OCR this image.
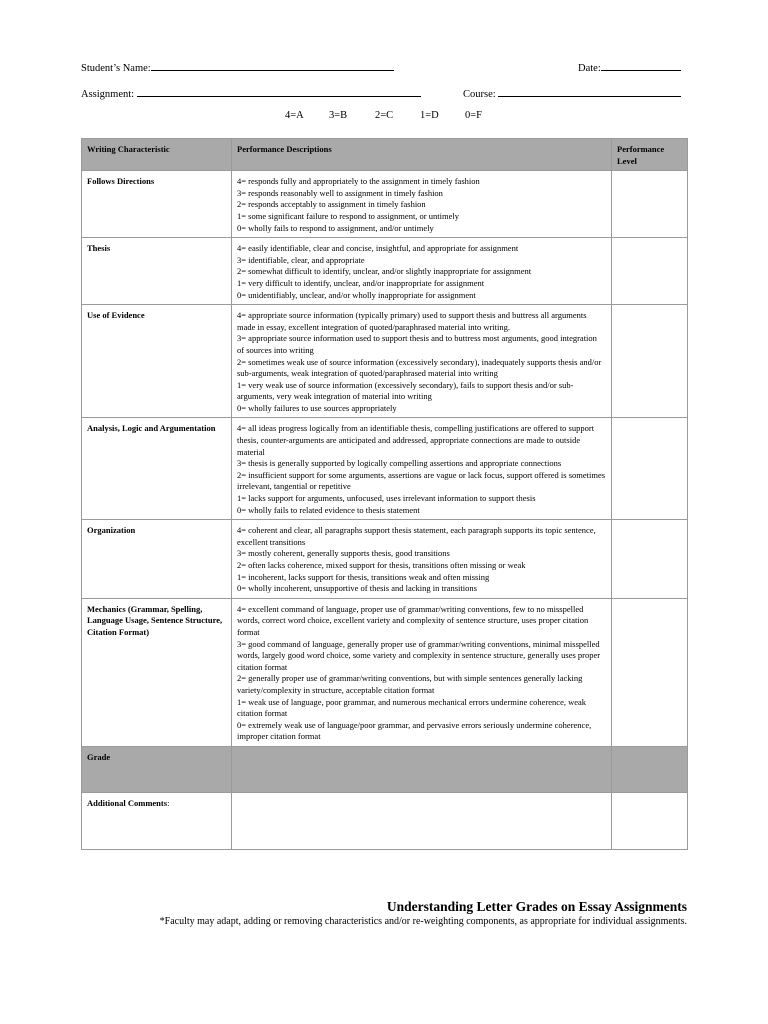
Student’s Name:	Date:
Assignment:	Course:
4=A 3=B	2=C	1=D 0=F
Writing Characteristic	Performance Descriptions	Performance Level
Follows Directions	4= responds fully and appropriately to the assignment in timely fashion
3= responds reasonably well to assignment in timely fashion
2= responds acceptably to assignment in timely fashion
1= some significant failure to respond to assignment, or untimely
0= wholly fails to respond to assignment, and/or untimely	

Thesis	4= easily identifiable, clear and concise, insightful, and appropriate for assignment
3= identifiable, clear, and appropriate
2= somewhat difficult to identify, unclear, and/or slightly inappropriate for assignment
1= very difficult to identify, unclear, and/or inappropriate for assignment
0= unidentifiably, unclear, and/or wholly inappropriate for assignment	

Use of Evidence	4= appropriate source information (typically primary) used to support thesis and buttress all arguments made in essay, excellent integration of quoted/paraphrased material into writing.
3= appropriate source information used to support thesis and to buttress most arguments, good integration of sources into writing
2= sometimes weak use of source information (excessively secondary), inadequately supports thesis and/or sub-arguments, weak integration of quoted/paraphrased material into writing
1= very weak use of source information (excessively secondary), fails to support thesis and/or sub-arguments, very weak integration of material into writing
0= wholly failures to use sources appropriately	

Analysis, Logic and Argumentation	4= all ideas progress logically from an identifiable thesis, compelling justifications are offered to support thesis, counter-arguments are anticipated and addressed, appropriate connections are made to outside material
3= thesis is generally supported by logically compelling assertions and appropriate connections
2= insufficient support for some arguments, assertions are vague or lack focus, support offered is sometimes irrelevant, tangential or repetitive
1= lacks support for arguments, unfocused, uses irrelevant information to support thesis
0= wholly fails to related evidence to thesis statement	

Organization	4= coherent and clear, all paragraphs support thesis statement, each paragraph supports its topic sentence, excellent transitions
3= mostly coherent, generally supports thesis, good transitions
2= often lacks coherence, mixed support for thesis, transitions often missing or weak
1= incoherent, lacks support for thesis, transitions weak and often missing
0= wholly incoherent, unsupportive of thesis and lacking in transitions	

Mechanics (Grammar, Spelling, Language Usage, Sentence Structure, Citation Format)	4= excellent command of language, proper use of grammar/writing conventions, few to no misspelled words, correct word choice, excellent variety and complexity of sentence structure, uses proper citation format
3= good command of language, generally proper use of grammar/writing conventions, minimal misspelled words, largely good word choice, some variety and complexity in sentence structure, generally uses proper citation format
2= generally proper use of grammar/writing conventions, but with simple sentences generally lacking variety/complexity in structure, acceptable citation format
1= weak use of language, poor grammar, and numerous mechanical errors undermine coherence, weak citation format
0= extremely weak use of language/poor grammar, and pervasive errors seriously undermine coherence, improper citation format	

Grade		
Additional Comments:		
Understanding Letter Grades on Essay Assignments
*Faculty may adapt, adding or removing characteristics and/or re-weighting components, as appropriate for individual assignments.
